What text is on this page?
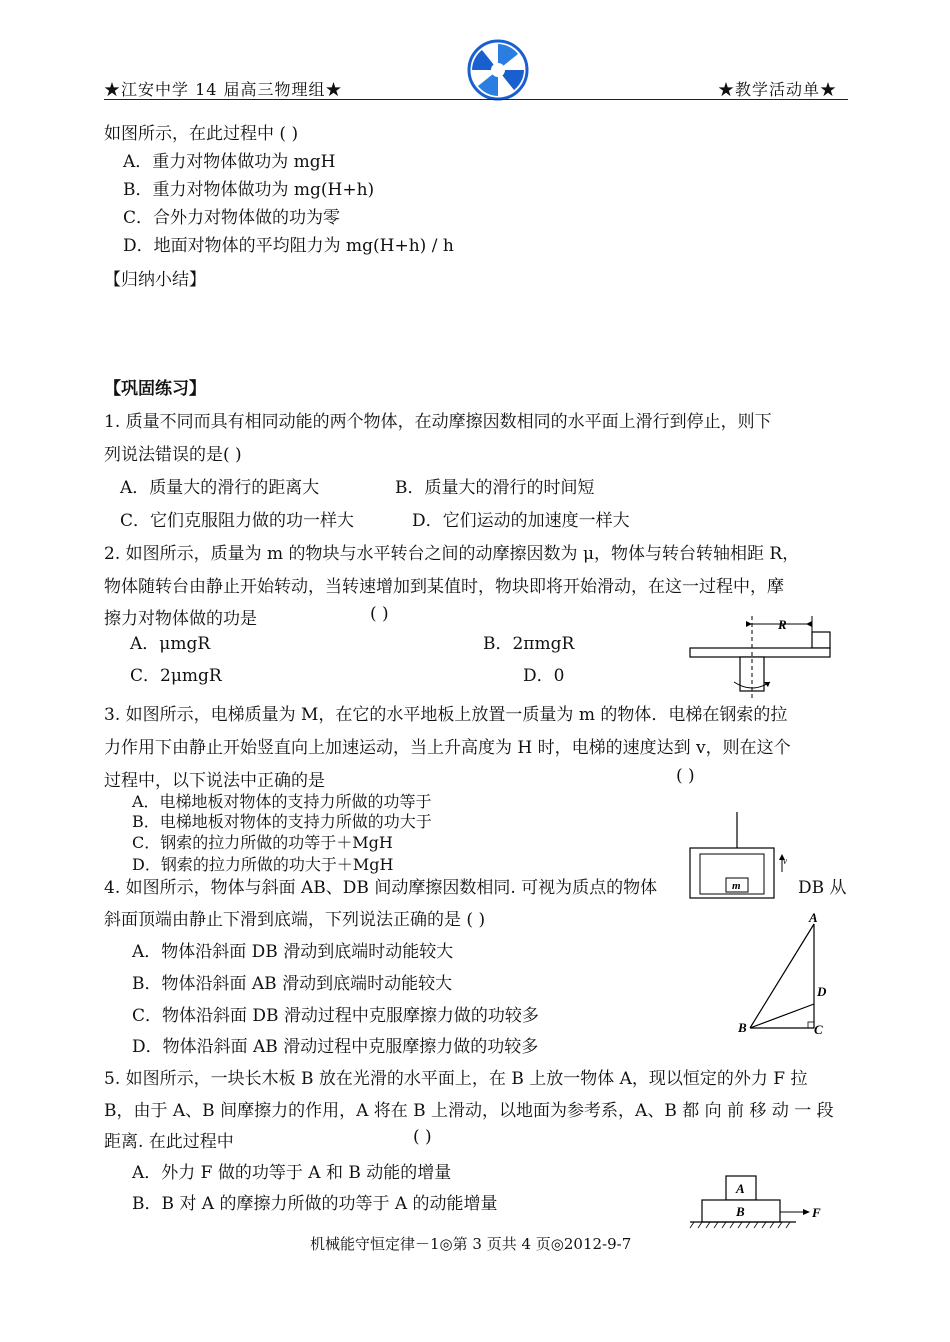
★江安中学 14 届高三物理组★	★教学活动单★
如图所示，在此过程中 ( )
A．重力对物体做功为 mgH
B．重力对物体做功为 mg(H+h)
C．合外力对物体做的功为零
D．地面对物体的平均阻力为 mg(H+h) / h
【归纳小结】
【巩固练习】
1. 质量不同而具有相同动能的两个物体，在动摩擦因数相同的水平面上滑行到停止，则下
列说法错误的是( )
A．质量大的滑行的距离大	B．质量大的滑行的时间短
C．它们克服阻力做的功一样大	D．它们运动的加速度一样大
2. 如图所示，质量为 m 的物块与水平转台之间的动摩擦因数为 μ，物体与转台转轴相距 R，
物体随转台由静止开始转动，当转速增加到某值时，物块即将开始滑动，在这一过程中，摩
擦力对物体做的功是	( )
A．μmgR	B．2πmgR
C．2μmgR	D．0
R
3. 如图所示，电梯质量为 M，在它的水平地板上放置一质量为 m 的物体．电梯在钢索的拉
力作用下由静止开始竖直向上加速运动，当上升高度为 H 时，电梯的速度达到 v，则在这个
过程中，以下说法中正确的是	( )
A．电梯地板对物体的支持力所做的功等于
B．电梯地板对物体的支持力所做的功大于
C．钢索的拉力所做的功等于＋MgH
D．钢索的拉力所做的功大于＋MgH
m
v
4. 如图所示，物体与斜面 AB、DB 间动摩擦因数相同. 可视为质点的物体	DB 从
斜面顶端由静止下滑到底端，下列说法正确的是 ( )
A．物体沿斜面 DB 滑动到底端时动能较大
B．物体沿斜面 AB 滑动到底端时动能较大
C．物体沿斜面 DB 滑动过程中克服摩擦力做的功较多
D．物体沿斜面 AB 滑动过程中克服摩擦力做的功较多
A
D
B	C
5. 如图所示，一块长木板 B 放在光滑的水平面上，在 B 上放一物体 A，现以恒定的外力 F 拉
B，由于 A、B 间摩擦力的作用，A 将在 B 上滑动，以地面为参考系，A、B 都 向 前 移 动 一 段
距离. 在此过程中	( )
A．外力 F 做的功等于 A 和 B 动能的增量
B．B 对 A 的摩擦力所做的功等于 A 的动能增量
A
B	F
机械能守恒定律－1◎第 3 页共 4 页◎2012-9-7
